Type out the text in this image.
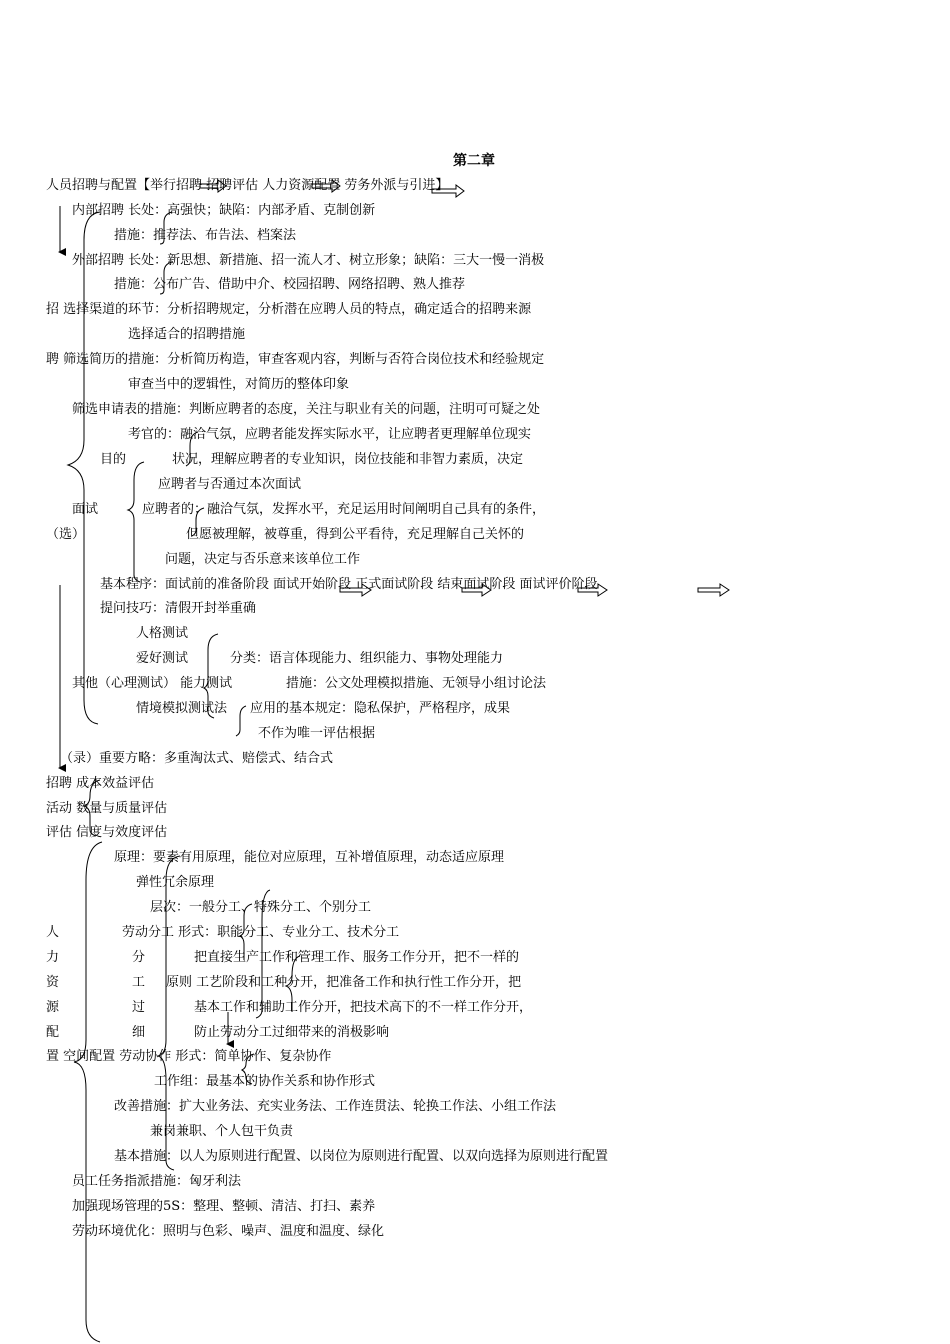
第二章
人员招聘与配置【举行招聘 招聘评估 人力资源配置 劳务外派与引进】
内部招聘 长处：高强快；缺陷：内部矛盾、克制创新
措施：推荐法、布告法、档案法
外部招聘 长处：新思想、新措施、招一流人才、树立形象；缺陷：三大一慢一消极
措施：公布广告、借助中介、校园招聘、网络招聘、熟人推荐
招 选择渠道的环节：分析招聘规定，分析潜在应聘人员的特点，确定适合的招聘来源
选择适合的招聘措施
聘 筛选简历的措施：分析简历构造，审查客观内容，判断与否符合岗位技术和经验规定
审查当中的逻辑性，对简历的整体印象
筛选申请表的措施：判断应聘者的态度，关注与职业有关的问题，注明可可疑之处
考官的：融洽气氛，应聘者能发挥实际水平，让应聘者更理解单位现实
目的	状况，理解应聘者的专业知识，岗位技能和非智力素质，决定
应聘者与否通过本次面试
面试	应聘者的：融洽气氛，发挥水平，充足运用时间阐明自己具有的条件，
（选）	但愿被理解，被尊重，得到公平看待，充足理解自己关怀的
问题，决定与否乐意来该单位工作
基本程序：面试前的准备阶段 面试开始阶段 正式面试阶段 结束面试阶段 面试评价阶段
提问技巧：清假开封举重确
人格测试
爱好测试	分类：语言体现能力、组织能力、事物处理能力
其他（心理测试） 能力测试	措施：公文处理模拟措施、无领导小组讨论法
情境模拟测试法 应用的基本规定：隐私保护，严格程序，成果
不作为唯一评估根据
（录）重要方略：多重淘汰式、赔偿式、结合式
招聘 成本效益评估
活动 数量与质量评估
评估 信度与效度评估
原理：要素有用原理，能位对应原理，互补增值原理，动态适应原理
弹性冗余原理
层次：一般分工、特殊分工、个别分工
人	劳动分工 形式：职能分工、专业分工、技术分工
力	分	把直接生产工作和管理工作、服务工作分开，把不一样的
资	工 原则 工艺阶段和工种分开，把准备工作和执行性工作分开，把
源	过	基本工作和辅助工作分开，把技术高下的不一样工作分开，
配	细	防止劳动分工过细带来的消极影响
置 空间配置 劳动协作 形式：简单协作、复杂协作
工作组：最基本的协作关系和协作形式
改善措施：扩大业务法、充实业务法、工作连贯法、轮换工作法、小组工作法
兼岗兼职、个人包干负责
基本措施：以人为原则进行配置、以岗位为原则进行配置、以双向选择为原则进行配置
员工任务指派措施：匈牙利法
加强现场管理的5S：整理、整顿、清洁、打扫、素养
劳动环境优化：照明与色彩、噪声、温度和温度、绿化
